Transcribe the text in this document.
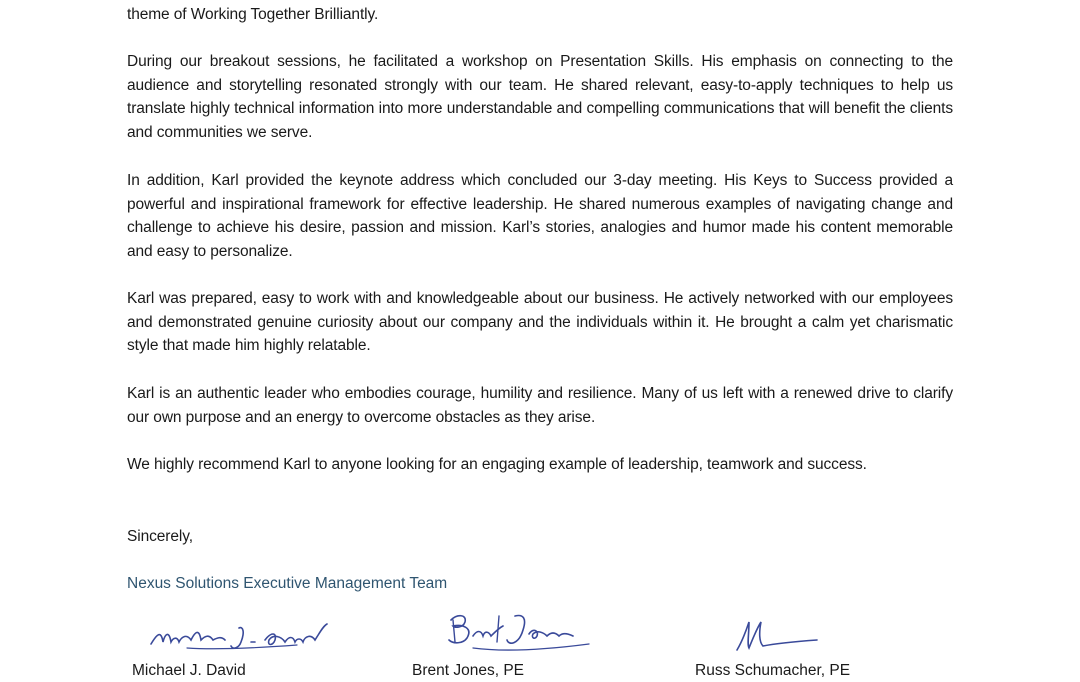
theme of Working Together Brilliantly.

During our breakout sessions, he facilitated a workshop on Presentation Skills. His emphasis on connecting to the audience and storytelling resonated strongly with our team. He shared relevant, easy-to-apply techniques to help us translate highly technical information into more understandable and compelling communications that will benefit the clients and communities we serve.

In addition, Karl provided the keynote address which concluded our 3-day meeting. His Keys to Success provided a powerful and inspirational framework for effective leadership. He shared numerous examples of navigating change and challenge to achieve his desire, passion and mission. Karl’s stories, analogies and humor made his content memorable and easy to personalize.

Karl was prepared, easy to work with and knowledgeable about our business. He actively networked with our employees and demonstrated genuine curiosity about our company and the individuals within it. He brought a calm yet charismatic style that made him highly relatable.

Karl is an authentic leader who embodies courage, humility and resilience. Many of us left with a renewed drive to clarify our own purpose and an energy to overcome obstacles as they arise.

We highly recommend Karl to anyone looking for an engaging example of leadership, teamwork and success.

Sincerely,

Nexus Solutions Executive Management Team

Michael J. David	Brent Jones, PE	Russ Schumacher, PE
